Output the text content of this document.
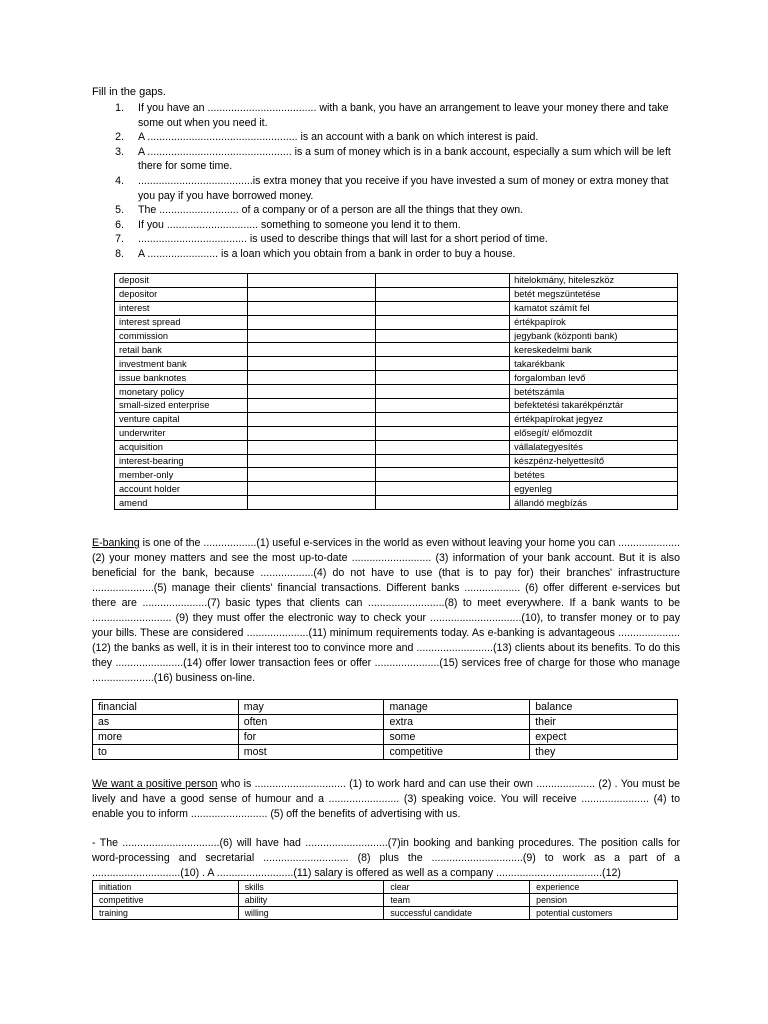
Fill in the gaps.
1.	If you have an ..................................... with a bank, you have an arrangement to leave your money there and take some out when you need it.
2.	A ................................................... is an account with a bank on which interest is paid.
3.	A ................................................. is a sum of money which is in a bank account, especially a sum which will be left there for some time.
4.	.......................................is extra money that you receive if you have invested a sum of money or extra money that you pay if you have borrowed money.
5.	The ........................... of a company or of a person are all the things that they own.
6.	If you ............................... something to someone you lend it to them.
7.	..................................... is used to describe things that will last for a short period of time.
8.	A ........................ is a loan which you obtain from a bank in order to buy a house.
deposit			hitelokmány, hiteleszköz
depositor			betét megszüntetése
interest			kamatot számít fel
interest spread			értékpapírok
commission			jegybank (központi bank)
retail bank			kereskedelmi bank
investment bank			takarékbank
issue banknotes			forgalomban levő
monetary policy			betétszámla
small-sized enterprise			befektetési takarékpénztár
venture capital			értékpapírokat jegyez
underwriter			elősegít/ előmozdít
acquisition			vállalategyesítés
interest-bearing			készpénz-helyettesítő
member-only			betétes
account holder			egyenleg
amend			állandó megbízás
E-banking is one of the ..................(1) useful e-services in the world as even without leaving your home you can .....................(2) your money matters and see the most up-to-date ........................... (3) information of your bank account. But it is also beneficial for the bank, because ..................(4) do not have to use (that is to pay for) their branches' infrastructure .....................(5) manage their clients' financial transactions. Different banks ................... (6) offer different e-services but there are ......................(7) basic types that clients can ..........................(8) to meet everywhere. If a bank wants to be ........................... (9) they must offer the electronic way to check your ...............................(10), to transfer money or to pay your bills. These are considered .....................(11) minimum requirements today. As e-banking is advantageous .....................(12) the banks as well, it is in their interest too to convince more and ..........................(13) clients about its benefits. To do this they .......................(14) offer lower transaction fees or offer ......................(15) services free of charge for those who manage .....................(16) business on-line.
financial	may	manage	balance
as	often	extra	their
more	for	some	expect
to	most	competitive	they
We want a positive person who is ............................... (1) to work hard and can use their own .................... (2) . You must be lively and have a good sense of humour and a ........................ (3) speaking voice. You will receive ....................... (4) to enable you to inform .......................... (5) off the benefits of advertising with us.
- The .................................(6) will have had ............................(7)in booking and banking procedures. The position calls for word-processing and secretarial ............................. (8) plus the ...............................(9) to work as a part of a ..............................(10) . A ..........................(11) salary is offered as well as a company ....................................(12)
initiation	skills	clear	experience
competitive	ability	team	pension
training	willing	successful candidate	potential customers
